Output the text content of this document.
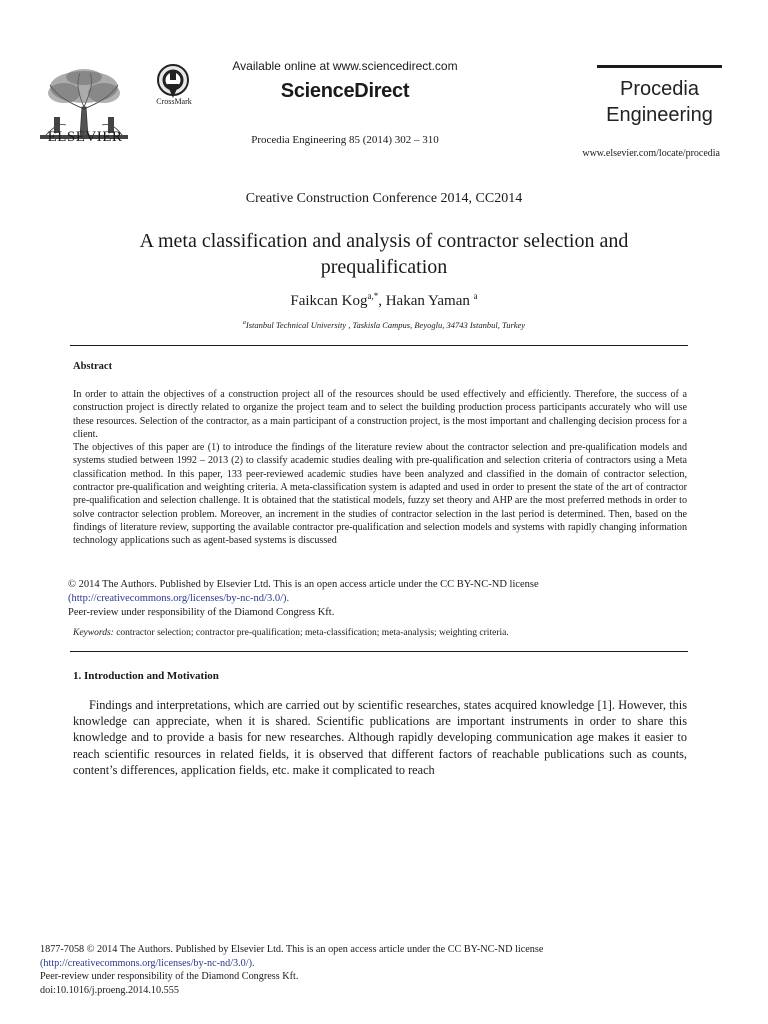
ELSEVIER
CrossMark
Available online at www.sciencedirect.com
ScienceDirect
Procedia Engineering 85 (2014) 302 – 310
Procedia
Engineering
www.elsevier.com/locate/procedia
Creative Construction Conference 2014, CC2014
A meta classification and analysis of contractor selection and
prequalification
Faikcan Kog$^{a,*}$, Hakan Yaman $^a$
$^a$Istanbul Technical University , Taskisla Campus, Beyoglu, 34743 Istanbul, Turkey
Abstract

In order to attain the objectives of a construction project all of the resources should be used effectively and efficiently. Therefore, the success of a construction project is directly related to organize the project team and to select the building production process participants accurately who will use these resources. Selection of the contractor, as a main participant of a construction project, is the most important and challenging decision process for a client.

The objectives of this paper are (1) to introduce the findings of the literature review about the contractor selection and pre-qualification models and systems studied between 1992 – 2013 (2) to classify academic studies dealing with pre-qualification and selection criteria of contractors using a Meta classification method. In this paper, 133 peer-reviewed academic studies have been analyzed and classified in the domain of contractor selection, contractor pre-qualification and weighting criteria. A meta-classification system is adapted and used in order to present the state of the art of contractor pre-qualification and selection challenge. It is obtained that the statistical models, fuzzy set theory and AHP are the most preferred methods in order to solve contractor selection problem. Moreover, an increment in the studies of contractor selection in the last period is determined. Then, based on the findings of literature review, supporting the available contractor pre-qualification and selection models and systems with rapidly changing information technology applications such as agent-based systems is discussed

© 2014 The Authors. Published by Elsevier Ltd. This is an open access article under the CC BY-NC-ND license

(http://creativecommons.org/licenses/by-nc-nd/3.0/).

Peer-review under responsibility of the Diamond Congress Kft.

Keywords: contractor selection; contractor pre-qualification; meta-classification; meta-analysis; weighting criteria.
1. Introduction and Motivation

Findings and interpretations, which are carried out by scientific researches, states acquired knowledge [1]. However, this knowledge can appreciate, when it is shared. Scientific publications are important instruments in order to share this knowledge and to provide a basis for new researches. Although rapidly developing communication age makes it easier to reach scientific resources in related fields, it is observed that different factors of reachable publications such as counts, content’s differences, application fields, etc. make it complicated to reach

1877-7058 © 2014 The Authors. Published by Elsevier Ltd. This is an open access article under the CC BY-NC-ND license

(http://creativecommons.org/licenses/by-nc-nd/3.0/).

Peer-review under responsibility of the Diamond Congress Kft.

doi:10.1016/j.proeng.2014.10.555
